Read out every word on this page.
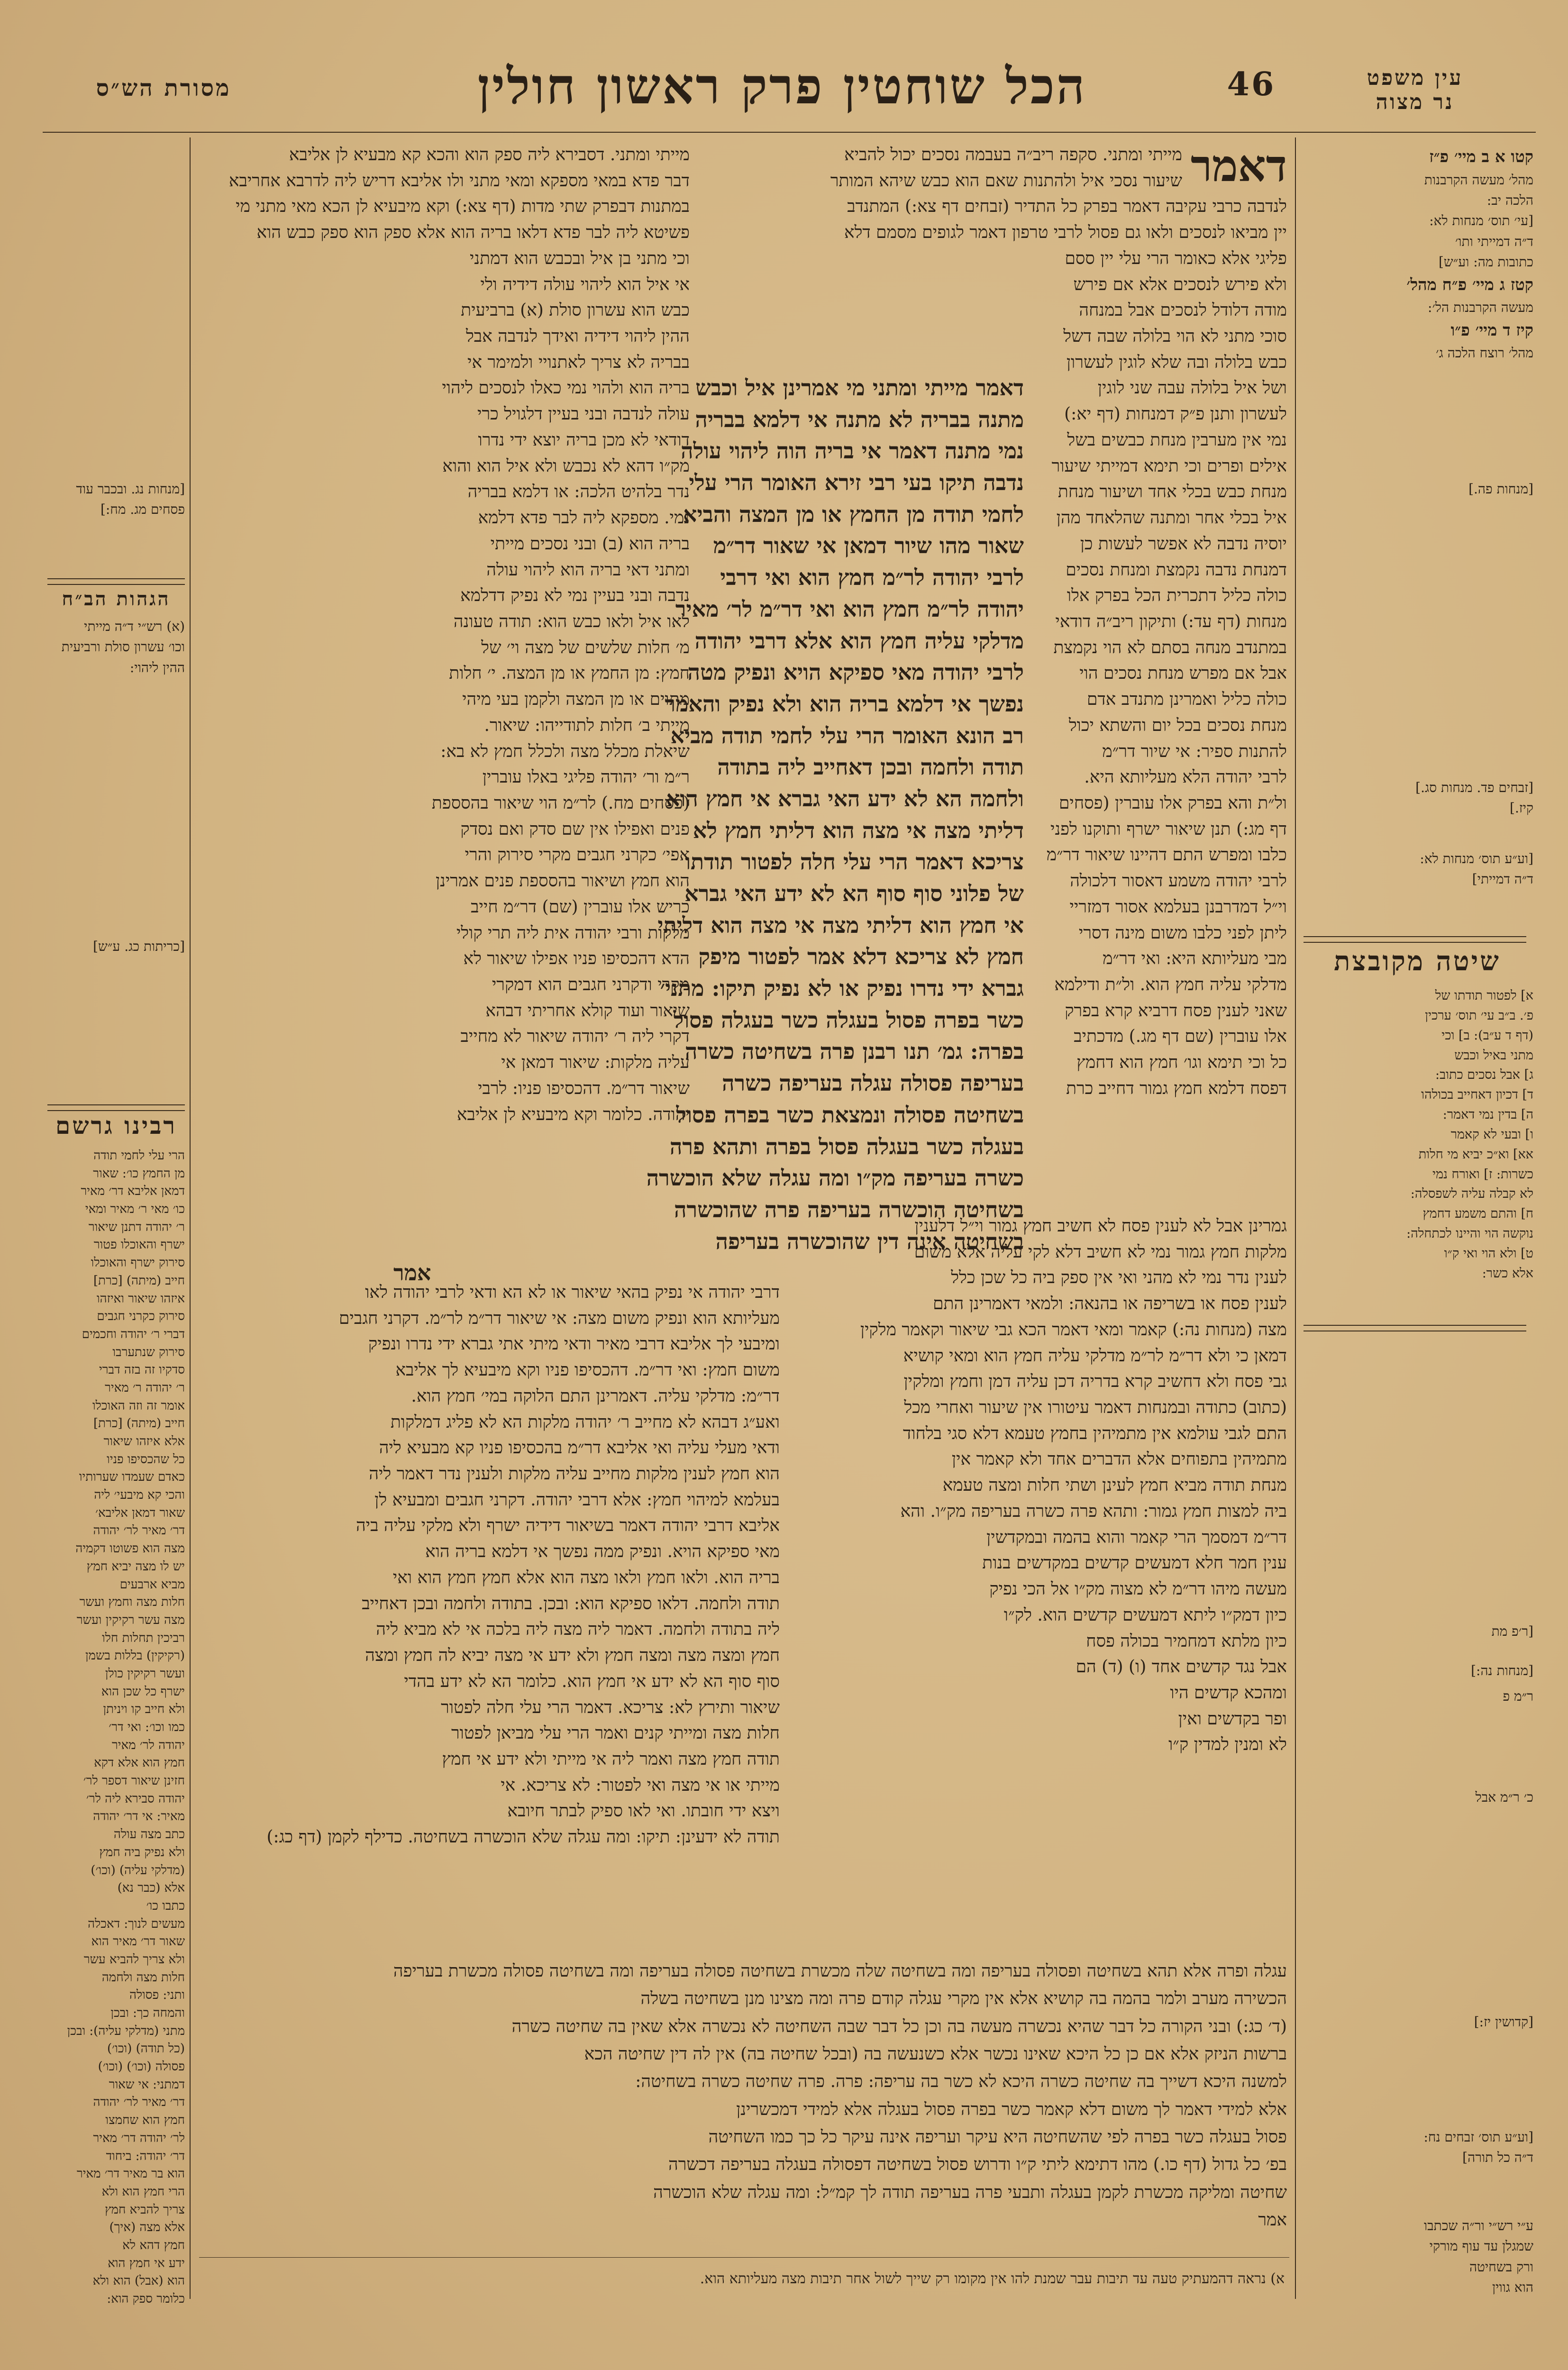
הכל שוחטין פרק ראשון חולין	46
מסורת הש״ס	עין משפט
נר מצוה
קטו א ב מיי׳ פ״ז
מהל׳ מעשה הקרבנות
הלכה יב:
[עי׳ תוס׳ מנחות לא:
ד״ה דמייתי ותו׳
כתובות מה: וע״ש]
קטז ג מיי׳ פ״ח מהל׳
מעשה הקרבנות הל׳:
קיז ד מיי׳ פ״ו
מהל׳ רוצח הלכה ג׳
[מנחות פה.]
[זבחים פד. מנחות סג.]
קיז.]
[וע״ע תוס׳ מנחות לא:
ד״ה דמייתי]
שיטה מקובצת
א] לפטור תודתו של
פ׳. ב״ב עי׳ תוס׳ ערכין
(דף ד ע״ב): ב] וכי
מתני באיל וכבש
ג] אבל נסכים כתוב:
ד] דכיון דאחייב בכולהו
ה] בדין נמי דאמר:
ו] ובעי לא קאמר
אא] וא״כ יביא מי חלות
כשרות: ז] ואורח נמי
לא קבלה עליה לשפסלה:
ח] והתם משמע דחמץ
נוקשה הוי והיינו לכתחלה:
ט] ולא הוי ואי ק״ו
אלא כשר:
[ר׳פ מת
[מנחות נה:]
ר״מ פ
כ׳ ר״מ אבל
[קדושין יז:]
[וע״ע תוס׳ זבחים נח:
ד״ה כל תורה]
ע״י רש״י ור״ה שכתבו
שמגלן עד עוף מורקי
ורק בשחיטה
הוא גווין
[מנחות נג. ובכבר עוד
פסחים מג. מח:]
הגהות הב״ח
(א) רש״י ד״ה מייתי
וכו׳ עשרון סולת ורביעית
ההין ליהוי:
[כריתות כג. ע״ש]
רבינו גרשם
הרי עלי לחמי תודה
מן החמץ כו׳: שאור
דמאן אליבא דר׳ מאיר
כו׳ מאי ר׳ מאיר ומאי
ר׳ יהודה דתנן שיאור
ישרף והאוכלו פטור
סירוק ישרף והאוכלו
חייב (מיתה) [כרת]
איזהו שיאור ואיזהו
סירוק כקרני חגבים
דברי ר׳ יהודה וחכמים
סירוק שנתערבו
סדקיו זה בזה דברי
ר׳ יהודה ר׳ מאיר
אומר זה וזה האוכלו
חייב (מיתה) [כרת]
אלא איזהו שיאור
כל שהכסיפו פניו
כאדם שעמדו שערותיו
והכי קא מיבעי׳ ליה
שאור דמאן אליבא׳
דר׳ מאיר לר׳ יהודה
מצה הוא פשוטו דקמיה
יש לו מצה יביא חמץ
מביא ארבעים
חלות מצה וחמץ ועשר
מצה עשר רקיקין ועשר
רביכין תחלות חלו
(רקיקין) בללות בשמן
ועשר רקיקין כולן
ישרף כל שכן הוא
ולא חייב קו ויניתן
כמו וכו׳: ואי דר׳
יהודה לר׳ מאיר
חמץ הוא אלא דקא
חזינן שיאור דספר לר׳
יהודה סבירא ליה לר׳
מאיר: אי דר׳ יהודה
כתב מצה עולה
ולא נפיק ביה חמץ
(מדלקי עליה) (וכו׳)
אלא (כבר נא)
כתבו כו׳
מעשים לנוך: דאכלה
שאור דר׳ מאיר הוא
ולא צריך להביא עשר
חלות מצה ולחמה
ותני: פסולה
והמחה כך: ובכן
מתני (מדלקי עליה): ובכן
(כל תודה) (וכו׳)
פסולה (וכו׳) (וכו׳)
דמתני: אי שאור
דר׳ מאיר לר׳ יהודה
חמץ הוא שחמצו
לר׳ יהודה דר׳ מאיר
דר׳ יהודה: ביחוד
הוא בר מאיר דר׳ מאיר
הרי חמץ הוא ולא
צריך להביא חמץ
אלא מצה (איך)
חמץ דהא לא
ידע אי חמץ הוא
הוא (אבל) הוא ולא
כלומר ספק הוא:
דאמר
מייתי ומתני. סקפה ריב״ה בעבמה נסכים יכול להביא
שיעור נסכי איל ולהתנות שאם הוא כבש שיהא המותר
לנדבה כרבי עקיבה דאמר בפרק כל התדיר (זבחים דף צא:) המתנדב
יין מביאו לנסכים ולאו גם פסול לרבי טרפון דאמר לגופים מסמם דלא
פליגי אלא כאומר הרי עלי יין ססם
ולא פירש לנסכים אלא אם פירש
מודה דלודל לנסכים אבל במנחה
סוכי מתני לא הוי בלולה שבה דשל
כבש בלולה ובה שלא לוגין לעשרון
ושל איל בלולה עבה שני לוגין
לעשרון ותנן פ״ק דמנחות (דף יא:)
נמי אין מערבין מנחת כבשים בשל
אילים ופרים וכי תימא דמייתי שיעור
מנחת כבש בכלי אחד ושיעור מנחת
איל בכלי אחר ומתנה שהלאחד מהן
יוסיה נדבה לא אפשר לעשות כן
דמנחת נדבה נקמצת ומנחת נסכים
כולה כליל דתכרית הכל בפרק אלו
מנחות (דף עד:) ותיקון ריב״ה דודאי
במתנדב מנחה בסתם לא הוי נקמצת
אבל אם מפרש מנחת נסכים הוי
כולה כליל ואמרינן מתנדב אדם
מנחת נסכים בכל יום והשתא יכול
להתנות ספיר: אי שיור דר״מ
לרבי יהודה הלא מעליותא היא.
ול״ת והא בפרק אלו עוברין (פסחים
דף מג:) תנן שיאור ישרף ותוקנו לפני
כלבו ומפרש התם דהיינו שיאור דר״מ
לרבי יהודה משמע דאסור דלכולה
וי״ל דמדרבנן בעלמא אסור דמזריי
ליתן לפני כלבו משום מינה דסרי
מבי מעליותא היא: ואי דר״מ
מדלקי עליה חמץ הוא. ול״ת ודילמא
שאני לענין פסח דרביא קרא בפרק
אלו עוברין (שם דף מג.) מדכתיב
כל וכי תימא וגו׳ חמץ הוא דחמץ
דפסח דלמא חמץ גמור דחייב כרת
מייתי ומתני. דסבירא ליה ספק הוא והכא קא מבעיא לן אליבא
דבר פדא במאי מספקא ומאי מתני ולו אליבא דריש ליה לדרבא אחריבא
במתנות דבפרק שתי מדות (דף צא:) וקא מיבעיא לן הכא מאי מתני מי
פשיטא ליה לבר פדא דלאו בריה הוא אלא ספק הוא ספק כבש הוא
וכי מתני בן איל ובכבש הוא דמתני
אי איל הוא ליהוי עולה דידיה ולי
כבש הוא עשרון סולת (א) ברביעית
ההין ליהוי דידיה ואידך לנדבה אבל
בבריה לא צריך לאתנויי ולמימר אי
בריה הוא ולהוי נמי כאלו לנסכים ליהוי
עולה לנדבה ובני בעיין דלגויל כרי
דודאי לא מכן בריה יוצא ידי נדרו
מק״ו דהא לא נכבש ולא איל הוא והוא
נדר בלהיט הלכה: או דלמא בבריה
נמי. מספקא ליה לבר פדא דלמא
בריה הוא (ב) ובני נסכים מייתי
ומתני דאי בריה הוא ליהוי עולה
נדבה ובני בעיין נמי לא נפיק דדלמא
לאו איל ולאו כבש הוא: תודה טעונה
מ׳ חלות שלשים של מצה וי׳ של
חמץ: מן החמץ או מן המצה. י׳ חלות
מתוים או מן המצה ולקמן בעי מיהי
מייתי ב׳ חלות לתודייהו: שיאור.
שיאלת מכלל מצה ולכלל חמץ לא בא:
ר״מ ור׳ יהודה פליגי באלו עוברין
(פסחים מח.) לר״מ הוי שיאור בהסספת
פנים ואפילו אין שם סדק ואם נסדק
אפי׳ כקרני חגבים מקרי סירוק והרי
הוא חמץ ושיאור בהסספת פנים אמרינן
כריש אלו עוברין (שם) דר״מ חייב
מלקות ורבי יהודה אית ליה תרי קולי
הדא דהכסיפו פניו אפילו שיאור לא
מקרי ודקרני חגבים הוא דמקרי
שיאור ועוד קולא אחריתי דבהא
דקרי ליה ר׳ יהודה שיאור לא מחייב
עליה מלקות: שיאור דמאן אי
שיאור דר״מ. דהכסיפו פניו: לרבי
יהודה. כלומר וקא מיבעיא לן אליבא
דאמר מייתי ומתני מי אמרינן איל וכבש
מתנה בבריה לא מתנה אי דלמא בבריה
נמי מתנה דאמר אי בריה הוה ליהוי עולה
נדבה תיקו בעי רבי זירא האומר הרי עלי
לחמי תודה מן החמץ או מן המצה והביא
שאור מהו שיור דמאן אי שאור דר״מ
לרבי יהודה לר״מ חמץ הוא ואי דרבי
יהודה לר״מ חמץ הוא ואי דר״מ לר׳ מאיר
מדלקי עליה חמץ הוא אלא דרבי יהודה
לרבי יהודה מאי ספיקא הויא ונפיק מטה
נפשך אי דלמא בריה הוא ולא נפיק והאמר
רב הונא האומר הרי עלי לחמי תודה מביא
תודה ולחמה ובכן דאחייב ליה בתודה
ולחמה הא לא ידע האי גברא אי חמץ הוא
דליתי מצה אי מצה הוא דליתי חמץ לא
צריכא דאמר הרי עלי חלה לפטור תודתו
של פלוני סוף סוף הא לא ידע האי גברא
אי חמץ הוא דליתי מצה אי מצה הוא דליתי
חמץ לא צריכא דלא אמר לפטור מיפק
גברא ידי נדרו נפיק או לא נפיק תיקו: מתני׳
כשר בפרה פסול בעגלה כשר בעגלה פסול
בפרה: גמ׳ תנו רבנן פרה בשחיטה כשרה
בעריפה פסולה עגלה בעריפה כשרה
בשחיטה פסולה ונמצאת כשר בפרה פסול
בעגלה כשר בעגלה פסול בפרה ותהא פרה
כשרה בעריפה מק״ו ומה עגלה שלא הוכשרה
בשחיטה הוכשרה בעריפה פרה שהוכשרה
בשחיטה אינה דין שהוכשרה בעריפה
אמר
גמרינן אבל לא לענין פסח לא חשיב חמץ גמור וי״ל דלענין
מלקות חמץ גמור נמי לא חשיב דלא לקי עליה אלא משום
לענין נדר נמי לא מהני ואי אין ספק ביה כל שכן כלל
לענין פסח או בשריפה או בהנאה: ולמאי דאמרינן התם
מצה (מנחות נה:) קאמר ומאי דאמר הכא גבי שיאור וקאמר מלקין
דמאן כי ולא דר״מ לר״מ מדלקי עליה חמץ הוא ומאי קושיא
גבי פסח ולא דחשיב קרא בדריה דכן עליה דמן וחמץ ומלקין
(כתוב) כתודה ובמנחות דאמר עיטורו אין שיעור ואחרי מכל
התם לגבי עולמא אין מתמיהין בחמץ טעמא דלא סגי בלחוד
מתמיהין בתפוחים אלא הדברים אחד ולא קאמר אין
מנחת תודה מביא חמץ לעינן ושתי חלות ומצה טעמא
ביה למצות חמץ גמור: ותהא פרה כשרה בעריפה מק״ו. והא
דר״מ דמסמך הרי קאמר והוא בהמה ובמקדשין
ענין חמר חלא דמעשים קדשים במקדשים בנות
מעשה מיהו דר״מ לא מצוה מק״ו אל הכי נפיק
כיון דמק״ו ליתא דמעשים קדשים הוא. לק״ו
כיון מלתא דמחמיר בכולה פסח
אבל נגד קדשים אחד (ו) (ד) הם
ומהכא קדשים היו
ופר בקדשים ואין
לא ומנין למדין ק״ו
דרבי יהודה אי נפיק בהאי שיאור או לא הא ודאי לרבי יהודה לאו
מעליותא הוא ונפיק משום מצה: אי שיאור דר״מ לר״מ. דקרני חגבים
ומיבעי לך אליבא דרבי מאיר ודאי מיתי אתי גברא ידי נדרו ונפיק
משום חמץ: ואי דר״מ. דהכסיפו פניו וקא מיבעיא לך אליבא
דר״מ: מדלקי עליה. דאמרינן התם הלוקה במי׳ חמץ הוא.
ואע״ג דבהא לא מחייב ר׳ יהודה מלקות הא לא פליג דמלקות
ודאי מעלי עליה ואי אליבא דר״מ בהכסיפו פניו קא מבעיא ליה
הוא חמץ לענין מלקות מחייב עליה מלקות ולענין נדר דאמר ליה
בעלמא למיהוי חמץ: אלא דרבי יהודה. דקרני חגבים ומבעיא לן
אליבא דרבי יהודה דאמר בשיאור דידיה ישרף ולא מלקי עליה ביה
מאי ספיקא הויא. ונפיק ממה נפשך אי דלמא בריה הוא
בריה הוא. ולאו חמץ ולאו מצה הוא אלא חמץ חמץ הוא ואי
תודה ולחמה. דלאו ספיקא הוא: ובכן. בתודה ולחמה ובכן דאחייב
ליה בתודה ולחמה. דאמר ליה מצה ליה בלכה אי לא מביא ליה
חמץ ומצה מצה ומצה חמץ ולא ידע אי מצה יביא לה חמץ ומצה
סוף סוף הא לא ידע אי חמץ הוא. כלומר הא לא ידע בהדי
שיאור ותירץ לא: צריכא. דאמר הרי עלי חלה לפטור
חלות מצה ומייתי קנים ואמר הרי עלי מביאן לפטור
תודה חמץ מצה ואמר ליה אי מייתי ולא ידע אי חמץ
מייתי או אי מצה ואי לפטור: לא צריכא. אי
ויצא ידי חובתו. ואי לאו ספיק לבתר חיובא
תודה לא ידעינן: תיקו: ומה עגלה שלא הוכשרה בשחיטה. כדילף לקמן (דף כג:)
עגלה ופרה אלא תהא בשחיטה ופסולה בעריפה ומה בשחיטה שלה מכשרת בשחיטה פסולה בעריפה ומה בשחיטה פסולה מכשרת בעריפה
הכשירה מערב ולמר בהמה בה קושיא אלא אין מקרי עגלה קודם פרה ומה מצינו מנן בשחיטה בשלה
(ד׳ כג:) ובני הקורה כל דבר שהיא נכשרה מעשה בה וכן כל דבר שבה השחיטה לא נכשרה אלא שאין בה שחיטה כשרה
ברשות הניזק אלא אם כן כל היכא שאינו נכשר אלא כשנעשה בה (ובכל שחיטה בה) אין לה דין שחיטה הכא
למשנה היכא דשייך בה שחיטה כשרה היכא לא כשר בה עריפה: פרה. פרה שחיטה כשרה בשחיטה:
אלא למידי דאמר לך משום דלא קאמר כשר בפרה פסול בעגלה אלא למידי דמכשרינן
פסול בעגלה כשר בפרה לפי שהשחיטה היא עיקר ועריפה אינה עיקר כל כך כמו השחיטה
בפ׳ כל גדול (דף כו.) מהו דתימא ליתי ק״ו ודרוש פסול בשחיטה דפסולה בעגלה בעריפה דכשרה
שחיטה ומליקה מכשרת לקמן בעגלה ותבעי פרה בעריפה תודה לך קמ״ל: ומה עגלה שלא הוכשרה
אמר
א) נראה דהמעתיק טעה עד תיבות עבר שמנת להו אין מקומו רק שייך לשול אחר תיבות מצה מעליותא הוא.
